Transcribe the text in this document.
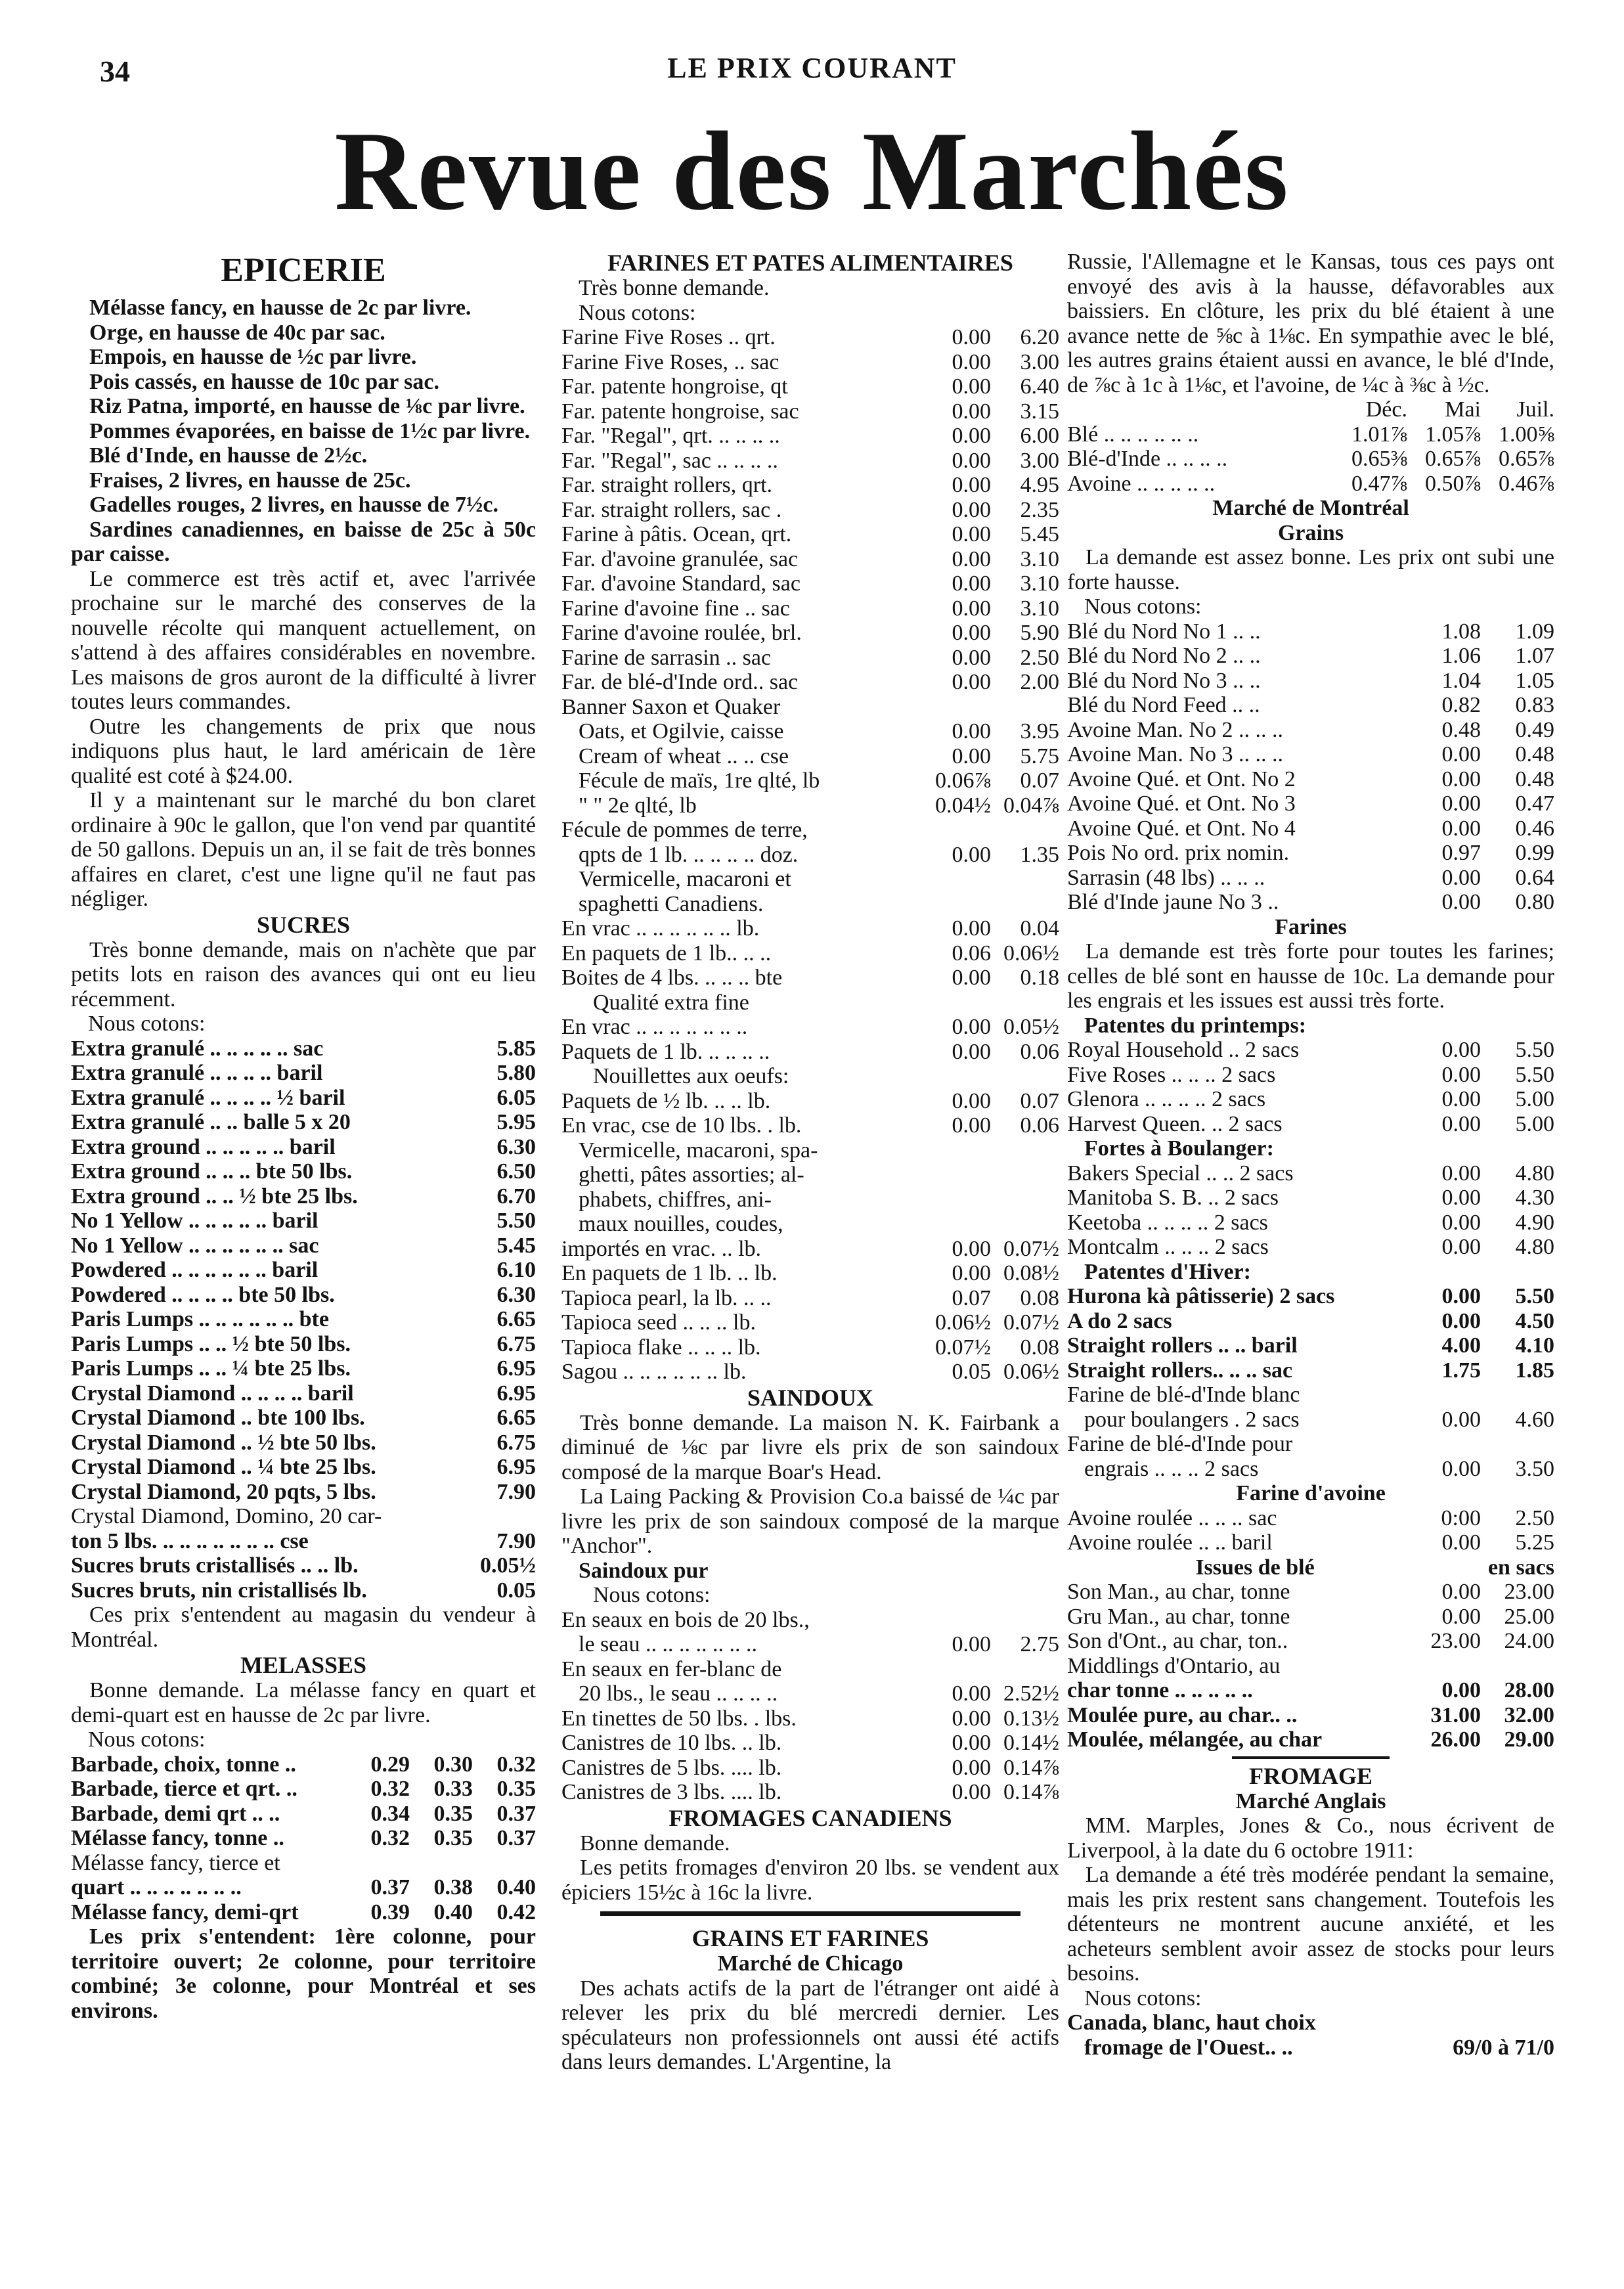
34	LE PRIX COURANT
Revue des Marchés
EPICERIE
Mélasse fancy, en hausse de 2c par livre.
Orge, en hausse de 40c par sac.
Empois, en hausse de ½c par livre.
Pois cassés, en hausse de 10c par sac.
Riz Patna, importé, en hausse de ⅛c par livre.
Pommes évaporées, en baisse de 1½c par livre.
Blé d'Inde, en hausse de 2½c.
Fraises, 2 livres, en hausse de 25c.
Gadelles rouges, 2 livres, en hausse de 7½c.
Sardines canadiennes, en baisse de 25c à 50c par caisse.
Le commerce est très actif et, avec l'arrivée prochaine sur le marché des conserves de la nouvelle récolte qui manquent actuellement, on s'attend à des affaires considérables en novembre. Les maisons de gros auront de la difficulté à livrer toutes leurs commandes.
Outre les changements de prix que nous indiquons plus haut, le lard américain de 1ère qualité est coté à $24.00.
Il y a maintenant sur le marché du bon claret ordinaire à 90c le gallon, que l'on vend par quantité de 50 gallons. Depuis un an, il se fait de très bonnes affaires en claret, c'est une ligne qu'il ne faut pas négliger.
SUCRES
Très bonne demande, mais on n'achète que par petits lots en raison des avances qui ont eu lieu récemment.
Nous cotons:
Extra granulé .. .. .. .. .. sac	5.85
Extra granulé .. .. .. .. baril	5.80
Extra granulé .. .. .. .. ½ baril	6.05
Extra granulé .. .. balle 5 x 20	5.95
Extra ground .. .. .. .. .. baril	6.30
Extra ground .. .. .. bte 50 lbs.	6.50
Extra ground .. .. ½ bte 25 lbs.	6.70
No 1 Yellow .. .. .. .. .. baril	5.50
No 1 Yellow .. .. .. .. .. .. sac	5.45
Powdered .. .. .. .. .. .. baril	6.10
Powdered .. .. .. .. bte 50 lbs.	6.30
Paris Lumps .. .. .. .. .. .. bte	6.65
Paris Lumps .. .. ½ bte 50 lbs.	6.75
Paris Lumps .. .. ¼ bte 25 lbs.	6.95
Crystal Diamond .. .. .. .. baril	6.95
Crystal Diamond .. bte 100 lbs.	6.65
Crystal Diamond .. ½ bte 50 lbs.	6.75
Crystal Diamond .. ¼ bte 25 lbs.	6.95
Crystal Diamond, 20 pqts, 5 lbs.	7.90
Crystal Diamond, Domino, 20 car-
ton 5 lbs. .. .. .. .. .. .. .. cse	7.90
Sucres bruts cristallisés .. .. lb.	0.05½
Sucres bruts, nin cristallisés lb.	0.05
Ces prix s'entendent au magasin du vendeur à Montréal.
MELASSES
Bonne demande. La mélasse fancy en quart et demi-quart est en hausse de 2c par livre.
Nous cotons:
Barbade, choix, tonne ..	0.29	0.30	0.32
Barbade, tierce et qrt. ..	0.32	0.33	0.35
Barbade, demi qrt .. ..	0.34	0.35	0.37
Mélasse fancy, tonne ..	0.32	0.35	0.37
Mélasse fancy, tierce et
quart .. .. .. .. .. .. ..	0.37	0.38	0.40
Mélasse fancy, demi-qrt	0.39	0.40	0.42
Les prix s'entendent: 1ère colonne, pour territoire ouvert; 2e colonne, pour territoire combiné; 3e colonne, pour Montréal et ses environs.
FARINES ET PATES ALIMENTAIRES
Très bonne demande.
Nous cotons:
Farine Five Roses .. qrt.	0.00	6.20
Farine Five Roses, .. sac	0.00	3.00
Far. patente hongroise, qt	0.00	6.40
Far. patente hongroise, sac	0.00	3.15
Far. "Regal", qrt. .. .. .. ..	0.00	6.00
Far. "Regal", sac .. .. .. ..	0.00	3.00
Far. straight rollers, qrt.	0.00	4.95
Far. straight rollers, sac .	0.00	2.35
Farine à pâtis. Ocean, qrt.	0.00	5.45
Far. d'avoine granulée, sac	0.00	3.10
Far. d'avoine Standard, sac	0.00	3.10
Farine d'avoine fine .. sac	0.00	3.10
Farine d'avoine roulée, brl.	0.00	5.90
Farine de sarrasin .. sac	0.00	2.50
Far. de blé-d'Inde ord.. sac	0.00	2.00
Banner Saxon et Quaker
Oats, et Ogilvie, caisse	0.00	3.95
Cream of wheat .. .. cse	0.00	5.75
Fécule de maïs, 1re qlté, lb	0.06⅞	0.07
" " 2e qlté, lb	0.04½ 0.04⅞
Fécule de pommes de terre,
qpts de 1 lb. .. .. .. .. doz.	0.00	1.35
Vermicelle, macaroni et
spaghetti Canadiens.
En vrac .. .. .. .. .. .. lb.	0.00	0.04
En paquets de 1 lb.. .. ..	0.06 0.06½
Boites de 4 lbs. .. .. .. bte	0.00	0.18
Qualité extra fine
En vrac .. .. .. .. .. .. ..	0.00 0.05½
Paquets de 1 lb. .. .. .. ..	0.00	0.06
Nouillettes aux oeufs:
Paquets de ½ lb. .. .. lb.	0.00	0.07
En vrac, cse de 10 lbs. . lb.	0.00	0.06
Vermicelle, macaroni, spa-
ghetti, pâtes assorties; al-
phabets, chiffres, ani-
maux nouilles, coudes,
importés en vrac. .. lb.	0.00 0.07½
En paquets de 1 lb. .. lb.	0.00 0.08½
Tapioca pearl, la lb. .. ..	0.07	0.08
Tapioca seed .. .. .. lb.	0.06½ 0.07½
Tapioca flake .. .. .. lb.	0.07½	0.08
Sagou .. .. .. .. .. .. lb.	0.05 0.06½
SAINDOUX
Très bonne demande. La maison N. K. Fairbank a diminué de ⅛c par livre els prix de son saindoux composé de la marque Boar's Head.
La Laing Packing & Provision Co.a baissé de ¼c par livre les prix de son saindoux composé de la marque "Anchor".
Saindoux pur
Nous cotons:
En seaux en bois de 20 lbs.,
le seau .. .. .. .. .. .. ..	0.00	2.75
En seaux en fer-blanc de
20 lbs., le seau .. .. .. ..	0.00 2.52½
En tinettes de 50 lbs. . lbs.	0.00 0.13½
Canistres de 10 lbs. .. lb.	0.00 0.14½
Canistres de 5 lbs. .... lb.	0.00 0.14⅞
Canistres de 3 lbs. .... lb.	0.00 0.14⅞
FROMAGES CANADIENS
Bonne demande.
Les petits fromages d'environ 20 lbs. se vendent aux épiciers 15½c à 16c la livre.
GRAINS ET FARINES
Marché de Chicago
Des achats actifs de la part de l'étranger ont aidé à relever les prix du blé mercredi dernier. Les spéculateurs non professionnels ont aussi été actifs dans leurs demandes. L'Argentine, la
Russie, l'Allemagne et le Kansas, tous ces pays ont envoyé des avis à la hausse, défavorables aux baissiers. En clôture, les prix du blé étaient à une avance nette de ⅝c à 1⅛c. En sympathie avec le blé, les autres grains étaient aussi en avance, le blé d'Inde, de ⅞c à 1c à 1⅛c, et l'avoine, de ¼c à ⅜c à ½c.
Déc.	Mai	Juil.
Blé .. .. .. .. .. ..	1.01⅞ 1.05⅞ 1.00⅝
Blé-d'Inde .. .. .. ..	0.65⅜ 0.65⅞ 0.65⅞
Avoine .. .. .. .. ..	0.47⅞ 0.50⅞ 0.46⅞
Marché de Montréal
Grains
La demande est assez bonne. Les prix ont subi une forte hausse.
Nous cotons:
Blé du Nord No 1 .. ..	1.08	1.09
Blé du Nord No 2 .. ..	1.06	1.07
Blé du Nord No 3 .. ..	1.04	1.05
Blé du Nord Feed .. ..	0.82	0.83
Avoine Man. No 2 .. .. ..	0.48	0.49
Avoine Man. No 3 .. .. ..	0.00	0.48
Avoine Qué. et Ont. No 2	0.00	0.48
Avoine Qué. et Ont. No 3	0.00	0.47
Avoine Qué. et Ont. No 4	0.00	0.46
Pois No ord. prix nomin.	0.97	0.99
Sarrasin (48 lbs) .. .. ..	0.00	0.64
Blé d'Inde jaune No 3 ..	0.00	0.80
Farines
La demande est très forte pour toutes les farines; celles de blé sont en hausse de 10c. La demande pour les engrais et les issues est aussi très forte.
Patentes du printemps:
Royal Household .. 2 sacs	0.00	5.50
Five Roses .. .. .. 2 sacs	0.00	5.50
Glenora .. .. .. .. 2 sacs	0.00	5.00
Harvest Queen. .. 2 sacs	0.00	5.00
Fortes à Boulanger:
Bakers Special .. .. 2 sacs	0.00	4.80
Manitoba S. B. .. 2 sacs	0.00	4.30
Keetoba .. .. .. .. 2 sacs	0.00	4.90
Montcalm .. .. .. 2 sacs	0.00	4.80
Patentes d'Hiver:
Hurona kà pâtisserie) 2 sacs	0.00	5.50
A do 2 sacs	0.00	4.50
Straight rollers .. .. baril	4.00	4.10
Straight rollers.. .. .. sac	1.75	1.85
Farine de blé-d'Inde blanc
pour boulangers . 2 sacs	0.00	4.60
Farine de blé-d'Inde pour
engrais .. .. .. 2 sacs	0.00	3.50
Farine d'avoine
Avoine roulée .. .. .. sac	0:00	2.50
Avoine roulée .. .. baril	0.00	5.25
Issues de blé	en sacs
Son Man., au char, tonne	0.00	23.00
Gru Man., au char, tonne	0.00	25.00
Son d'Ont., au char, ton..	23.00	24.00
Middlings d'Ontario, au
char tonne .. .. .. .. ..	0.00	28.00
Moulée pure, au char.. ..	31.00	32.00
Moulée, mélangée, au char	26.00	29.00
FROMAGE
Marché Anglais
MM. Marples, Jones & Co., nous écrivent de Liverpool, à la date du 6 octobre 1911:
La demande a été très modérée pendant la semaine, mais les prix restent sans changement. Toutefois les détenteurs ne montrent aucune anxiété, et les acheteurs semblent avoir assez de stocks pour leurs besoins.
Nous cotons:
Canada, blanc, haut choix
fromage de l'Ouest.. ..	69/0 à 71/0
